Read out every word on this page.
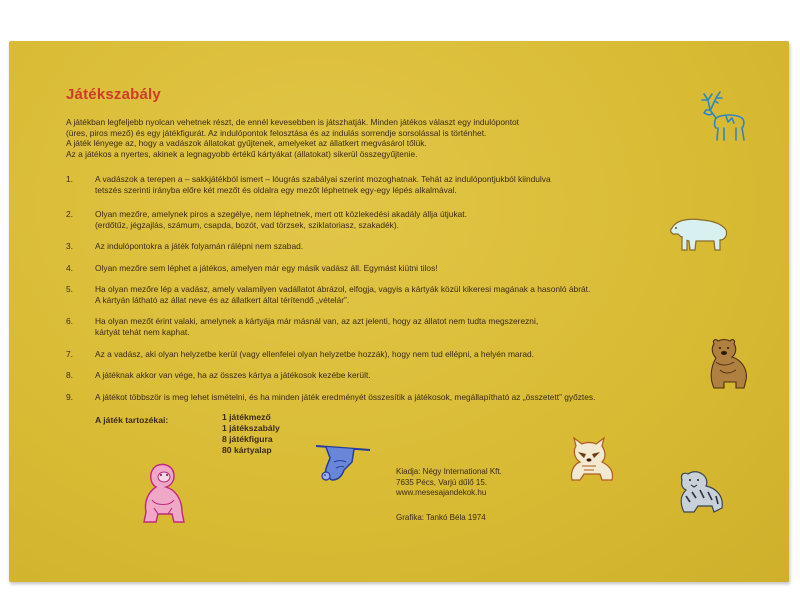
Játékszabály
A játékban legfeljebb nyolcan vehetnek részt, de ennél kevesebben is játszhatják. Minden játékos választ egy indulópontot
(üres, piros mező) és egy játékfigurát. Az indulópontok felosztása és az indulás sorrendje sorsolással is történhet.
A játék lényege az, hogy a vadászok állatokat gyűjtenek, amelyeket az állatkert megvásárol tőlük.
Az a játékos a nyertes, akinek a legnagyobb értékű kártyákat (állatokat) sikerül összegyűjtenie.
1.	A vadászok a terepen a – sakkjátékból ismert – lóugrás szabályai szerint mozoghatnak. Tehát az indulópontjukból kiindulva
tetszés szerinti irányba előre két mezőt és oldalra egy mezőt léphetnek egy-egy lépés alkalmával.
2.	Olyan mezőre, amelynek piros a szegélye, nem léphetnek, mert ott közlekedési akadály állja útjukat.
(erdőtűz, jégzajlás, számum, csapda, bozót, vad törzsek, sziklatoriasz, szakadék).
3.	Az indulópontokra a játék folyamán rálépni nem szabad.
4.	Olyan mezőre sem léphet a játékos, amelyen már egy másik vadász áll. Egymást kiütni tilos!
5.	Ha olyan mezőre lép a vadász, amely valamilyen vadállatot ábrázol, elfogja, vagyis a kártyák közül kikeresi magának a hasonló ábrát.
A kártyán látható az állat neve és az állatkert által térítendő „vételár”.
6.	Ha olyan mezőt érint valaki, amelynek a kártyája már másnál van, az azt jelenti, hogy az állatot nem tudta megszerezni,
kártyát tehát nem kaphat.
7.	Az a vadász, aki olyan helyzetbe kerül (vagy ellenfelei olyan helyzetbe hozzák), hogy nem tud ellépni, a helyén marad.
8.	A játéknak akkor van vége, ha az összes kártya a játékosok kezébe került.
9.	A játékot többször is meg lehet ismételni, és ha minden játék eredményét összesítik a játékosok, megállapítható az „összetett” győztes.
A játék tartozékai:	1 játékmező
1 játékszabály
8 játékfigura
80 kártyalap
Kiadja: Négy International Kft.
7635 Pécs, Varjú dűlő 15.
www.mesesajandekok.hu
Grafika: Tankó Béla 1974
